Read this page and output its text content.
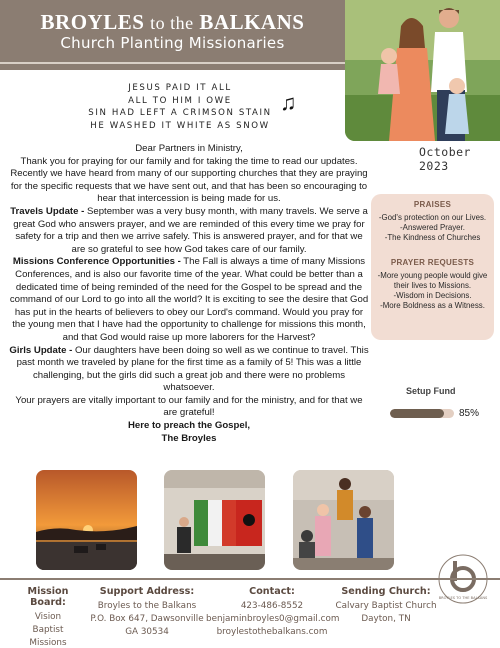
BROYLES to the BALKANS
Church Planting Missionaries
JESUS PAID IT ALL
ALL TO HIM I OWE
SIN HAD LEFT A CRIMSON STAIN
HE WASHED IT WHITE AS SNOW
♫
October 2023

Dear Partners in Ministry,

Thank you for praying for our family and for taking the time to read our updates. Recently we have heard from many of our supporting churches that they are praying for the specific requests that we have sent out, and that has been so encouraging to hear that intercession is being made for us.

Travels Update - September was a very busy month, with many travels. We serve a great God who answers prayer, and we are reminded of this every time we pray for safety for a trip and then we arrive safely. This is answered prayer, and for that we are so grateful to see how God takes care of our family.

Missions Conference Opportunities - The Fall is always a time of many Missions Conferences, and is also our favorite time of the year. What could be better than a dedicated time of being reminded of the need for the Gospel to be spread and the command of our Lord to go into all the world? It is exciting to see the desire that God has put in the hearts of believers to obey our Lord's command. Would you pray for the young men that I have had the opportunity to challenge for missions this month, and that God would raise up more laborers for the Harvest?

Girls Update - Our daughters have been doing so well as we continue to travel. This past month we traveled by plane for the first time as a family of 5! This was a little challenging, but the girls did such a great job and there were no problems whatsoever.

Your prayers are vitally important to our family and for the ministry, and for that we are grateful!

Here to preach the Gospel,

The Broyles

PRAISES
-God's protection on our Lives.
-Answered Prayer.
-The Kindness of Churches
PRAYER REQUESTS
-More young people would give their lives to Missions.
-Wisdom in Decisions.
-More Boldness as a Witness.
Setup Fund
85%
BROYLES TO THE BALKANS
Mission Board:
Vision
Baptist
Missions
Support Address:
Broyles to the Balkans
P.O. Box 647, Dawsonville
GA 30534
Contact:
423-486-8552
benjaminbroyles0@gmail.com
broylestothebalkans.com
Sending Church:
Calvary Baptist Church
Dayton, TN
